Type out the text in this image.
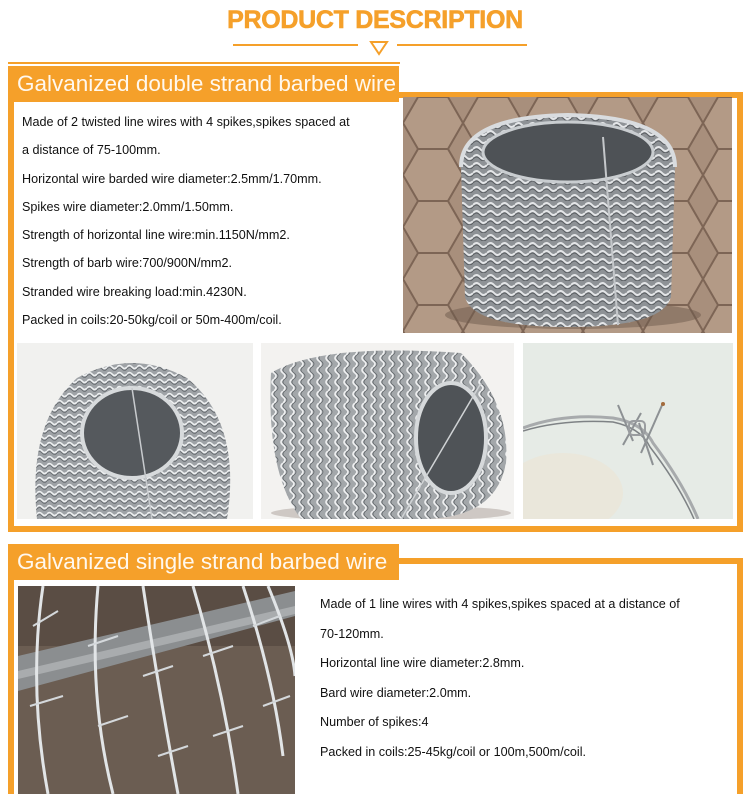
PRODUCT DESCRIPTION
Galvanized double strand barbed wire
Made of 2 twisted line wires with 4 spikes,spikes spaced at
a distance of 75-100mm.
Horizontal wire barded wire diameter:2.5mm/1.70mm.
Spikes wire diameter:2.0mm/1.50mm.
Strength of horizontal line wire:min.1150N/mm2.
Strength of barb wire:700/900N/mm2.
Stranded wire breaking load:min.4230N.
Packed in coils:20-50kg/coil or 50m-400m/coil.
Galvanized single strand barbed wire
Made of 1 line wires with 4 spikes,spikes spaced at a distance of
70-120mm.
Horizontal line wire diameter:2.8mm.
Bard wire diameter:2.0mm.
Number of spikes:4
Packed in coils:25-45kg/coil or 100m,500m/coil.
